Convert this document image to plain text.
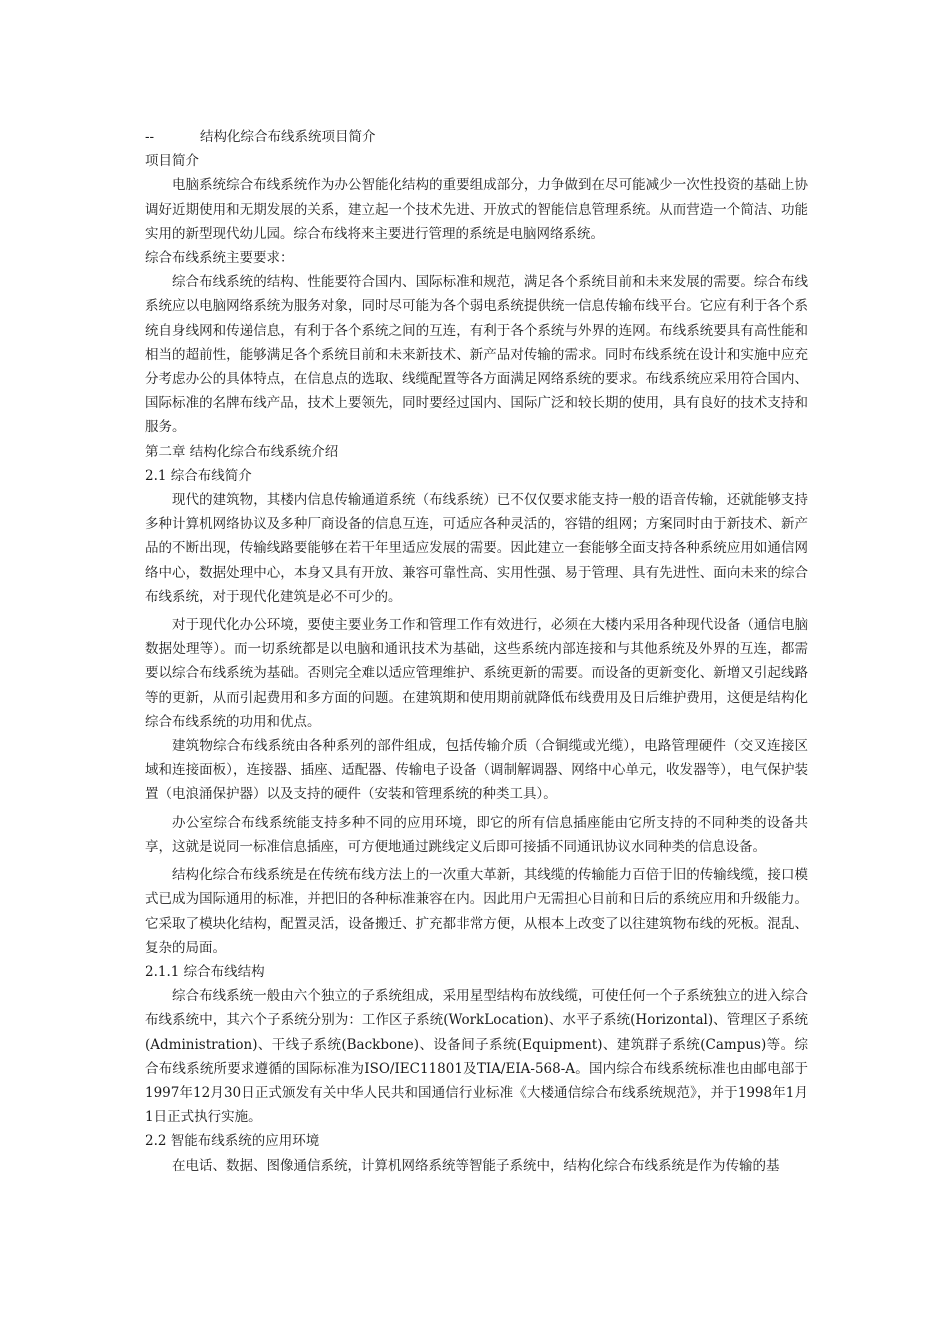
--	结构化综合布线系统项目简介

项目简介

电脑系统综合布线系统作为办公智能化结构的重要组成部分，力争做到在尽可能减少一次性投资的基础上协调好近期使用和无期发展的关系，建立起一个技术先进、开放式的智能信息管理系统。从而营造一个简洁、功能实用的新型现代幼儿园。综合布线将来主要进行管理的系统是电脑网络系统。

综合布线系统主要要求：

综合布线系统的结构、性能要符合国内、国际标准和规范，满足各个系统目前和未来发展的需要。综合布线系统应以电脑网络系统为服务对象，同时尽可能为各个弱电系统提供统一信息传输布线平台。它应有利于各个系统自身线网和传递信息，有利于各个系统之间的互连，有利于各个系统与外界的连网。布线系统要具有高性能和相当的超前性，能够满足各个系统目前和未来新技术、新产品对传输的需求。同时布线系统在设计和实施中应充分考虑办公的具体特点，在信息点的选取、线缆配置等各方面满足网络系统的要求。布线系统应采用符合国内、国际标准的名牌布线产品，技术上要领先，同时要经过国内、国际广泛和较长期的使用，具有良好的技术支持和服务。

第二章 结构化综合布线系统介绍

2.1 综合布线简介

现代的建筑物，其楼内信息传输通道系统（布线系统）已不仅仅要求能支持一般的语音传输，还就能够支持多种计算机网络协议及多种厂商设备的信息互连，可适应各种灵活的，容错的组网；方案同时由于新技术、新产品的不断出现，传输线路要能够在若干年里适应发展的需要。因此建立一套能够全面支持各种系统应用如通信网络中心，数据处理中心，本身又具有开放、兼容可靠性高、实用性强、易于管理、具有先进性、面向未来的综合布线系统，对于现代化建筑是必不可少的。

对于现代化办公环境，要使主要业务工作和管理工作有效进行，必须在大楼内采用各种现代设备（通信电脑数据处理等）。而一切系统都是以电脑和通讯技术为基础，这些系统内部连接和与其他系统及外界的互连，都需要以综合布线系统为基础。否则完全难以适应管理维护、系统更新的需要。而设备的更新变化、新增又引起线路等的更新，从而引起费用和多方面的问题。在建筑期和使用期前就降低布线费用及日后维护费用，这便是结构化综合布线系统的功用和优点。

建筑物综合布线系统由各种系列的部件组成，包括传输介质（合铜缆或光缆），电路管理硬件（交叉连接区域和连接面板），连接器、插座、适配器、传输电子设备（调制解调器、网络中心单元，收发器等），电气保护装置（电浪涌保护器）以及支持的硬件（安装和管理系统的种类工具）。

办公室综合布线系统能支持多种不同的应用环境，即它的所有信息插座能由它所支持的不同种类的设备共享，这就是说同一标准信息插座，可方便地通过跳线定义后即可接插不同通讯协议水同种类的信息设备。

结构化综合布线系统是在传统布线方法上的一次重大革新，其线缆的传输能力百倍于旧的传输线缆，接口模式已成为国际通用的标准，并把旧的各种标准兼容在内。因此用户无需担心目前和日后的系统应用和升级能力。它采取了模块化结构，配置灵活，设备搬迁、扩充都非常方便，从根本上改变了以往建筑物布线的死板。混乱、复杂的局面。

2.1.1 综合布线结构

综合布线系统一般由六个独立的子系统组成，采用星型结构布放线缆，可使任何一个子系统独立的进入综合布线系统中，其六个子系统分别为：工作区子系统(WorkLocation)、水平子系统(Horizontal)、管理区子系统(Administration)、干线子系统(Backbone)、设备间子系统(Equipment)、建筑群子系统(Campus)等。综合布线系统所要求遵循的国际标准为ISO/IEC11801及TIA/EIA-568-A。国内综合布线系统标准也由邮电部于1997年12月30日正式颁发有关中华人民共和国通信行业标准《大楼通信综合布线系统规范》，并于1998年1月1日正式执行实施。

2.2 智能布线系统的应用环境

在电话、数据、图像通信系统，计算机网络系统等智能子系统中，结构化综合布线系统是作为传输的基
